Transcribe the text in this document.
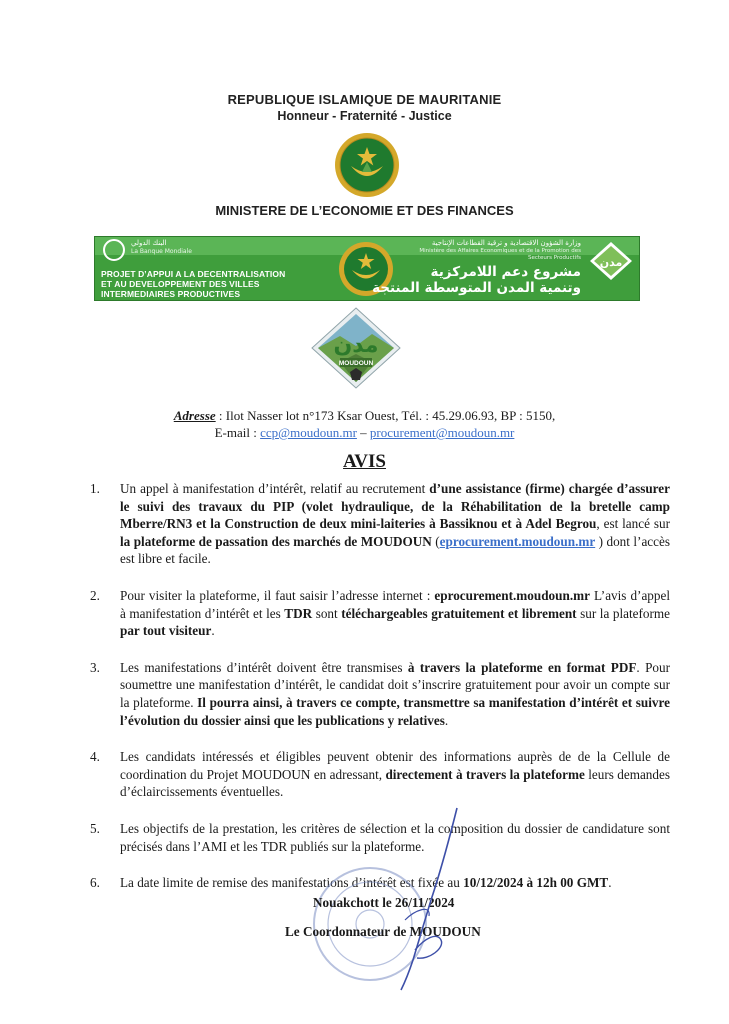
REPUBLIQUE ISLAMIQUE DE MAURITANIE
Honneur - Fraternité - Justice
MINISTERE DE L’ECONOMIE ET DES FINANCES
البنك الدولي
La Banque Mondiale
PROJET D’APPUI A LA DECENTRALISATION
ET AU DEVELOPPEMENT DES VILLES
INTERMEDIAIRES PRODUCTIVES
وزارة الشؤون الاقتصادية و ترقية القطاعات الإنتاجية
Ministère des Affaires Economiques et de la Promotion des Secteurs Productifs
مشروع دعم اللامركزية
وتنمية المدن المتوسطة المنتجة
مدن
مدن
MOUDOUN
Adresse : Ilot Nasser lot n°173 Ksar Ouest, Tél. : 45.29.06.93, BP : 5150,
E-mail : ccp@moudoun.mr – procurement@moudoun.mr
AVIS
1. Un appel à manifestation d’intérêt, relatif au recrutement d’une assistance (firme) chargée d’assurer le suivi des travaux du PIP (volet hydraulique, de la Réhabilitation de la bretelle camp Mberre/RN3 et la Construction de deux mini-laiteries à Bassiknou et à Adel Begrou, est lancé sur la plateforme de passation des marchés de MOUDOUN (eprocurement.moudoun.mr ) dont l’accès est libre et facile.
2. Pour visiter la plateforme, il faut saisir l’adresse internet : eprocurement.moudoun.mr L’avis d’appel à manifestation d’intérêt et les TDR sont téléchargeables gratuitement et librement sur la plateforme par tout visiteur.
3. Les manifestations d’intérêt doivent être transmises à travers la plateforme en format PDF. Pour soumettre une manifestation d’intérêt, le candidat doit s’inscrire gratuitement pour avoir un compte sur la plateforme. Il pourra ainsi, à travers ce compte, transmettre sa manifestation d’intérêt et suivre l’évolution du dossier ainsi que les publications y relatives.
4. Les candidats intéressés et éligibles peuvent obtenir des informations auprès de de la Cellule de coordination du Projet MOUDOUN en adressant, directement à travers la plateforme leurs demandes d’éclaircissements éventuelles.
5. Les objectifs de la prestation, les critères de sélection et la composition du dossier de candidature sont précisés dans l’AMI et les TDR publiés sur la plateforme.
6. La date limite de remise des manifestations d’intérêt est fixée au 10/12/2024 à 12h 00 GMT.
Nouakchott le 26/11/2024
Le Coordonnateur de MOUDOUN
